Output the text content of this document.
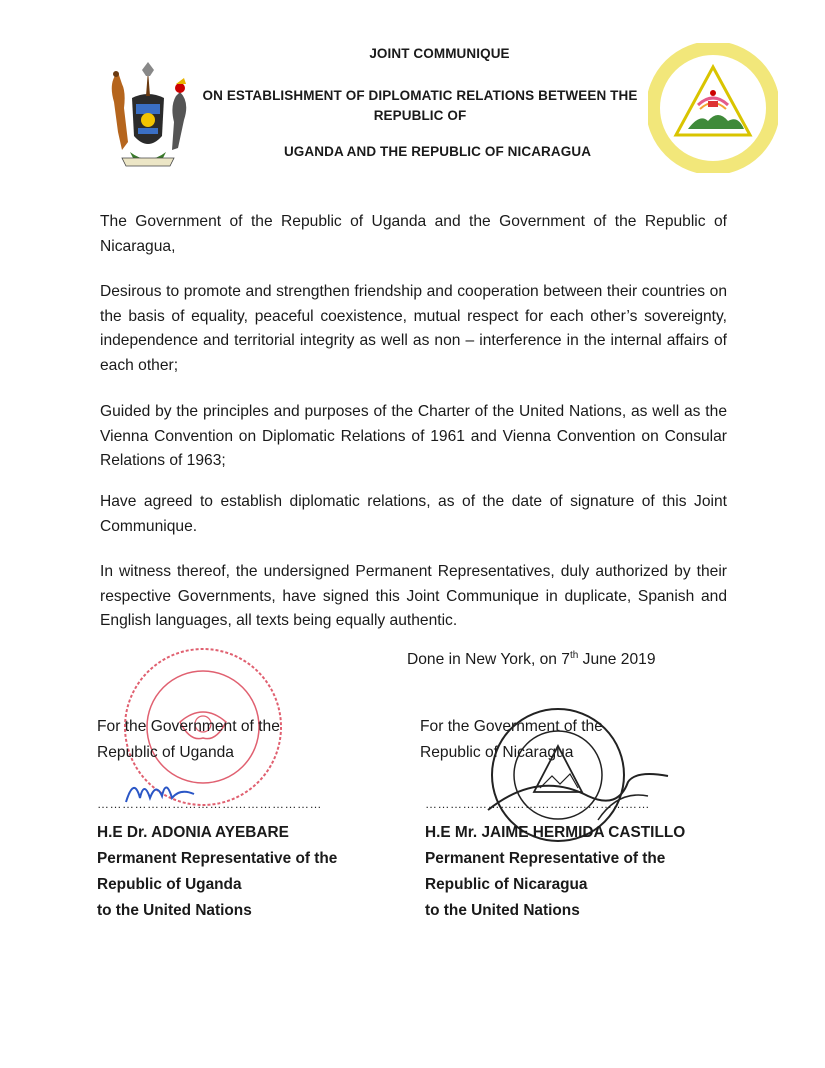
JOINT COMMUNIQUE
ON ESTABLISHMENT OF DIPLOMATIC RELATIONS BETWEEN THE REPUBLIC OF
UGANDA AND THE REPUBLIC OF NICARAGUA

The Government of the Republic of Uganda and the Government of the Republic of Nicaragua,

Desirous to promote and strengthen friendship and cooperation between their countries on the basis of equality, peaceful coexistence, mutual respect for each other’s sovereignty, independence and territorial integrity as well as non – interference in the internal affairs of each other;

Guided by the principles and purposes of the Charter of the United Nations, as well as the Vienna Convention on Diplomatic Relations of 1961 and Vienna Convention on Consular Relations of 1963;

Have agreed to establish diplomatic relations, as of the date of signature of this Joint Communique.

In witness thereof, the undersigned Permanent Representatives, duly authorized by their respective Governments, have signed this Joint Communique in duplicate, Spanish and English languages, all texts being equally authentic.

Done in New York, on 7th June 2019
For the Government of the
Republic of Uganda
………………………………………………
H.E Dr. ADONIA AYEBARE
Permanent Representative of the
Republic of Uganda
to the United Nations
For the Government of the
Republic of Nicaragua
………………………………………………
H.E Mr. JAIME HERMIDA CASTILLO
Permanent Representative of the
Republic of Nicaragua
to the United Nations
